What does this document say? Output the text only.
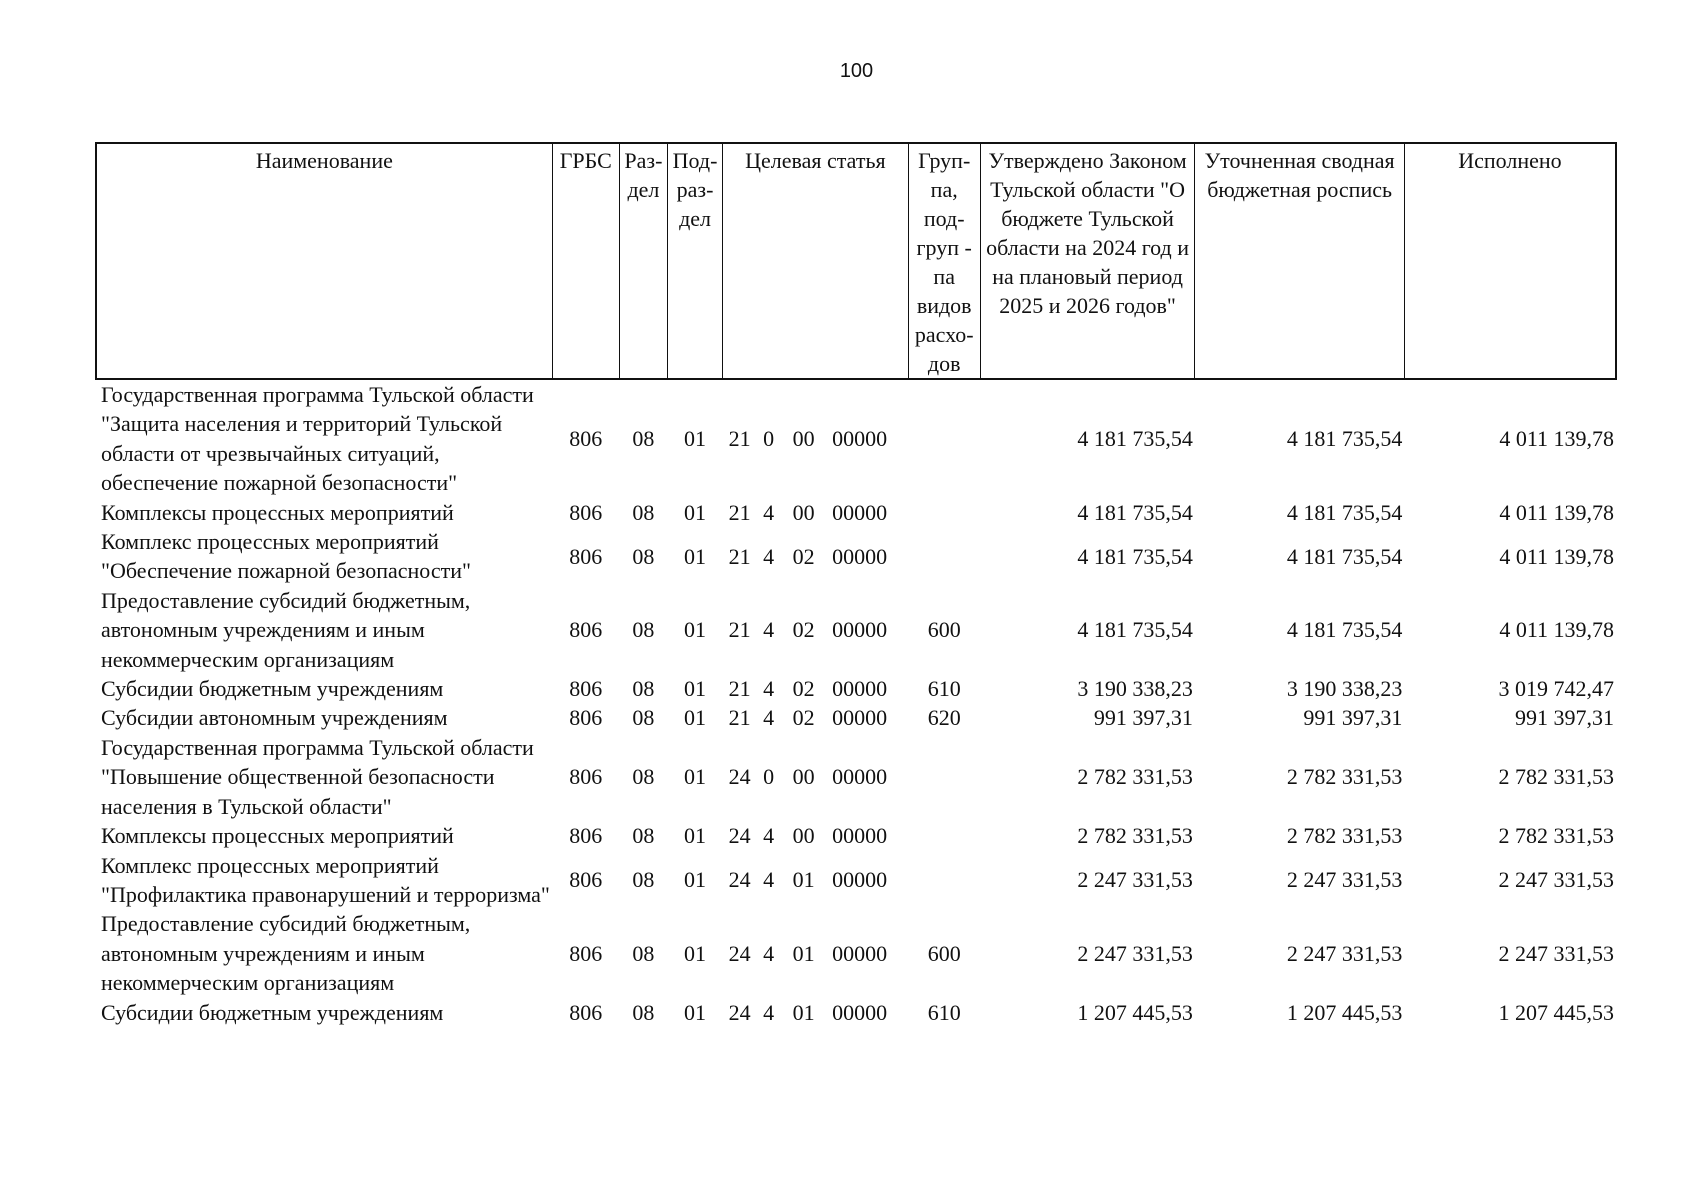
100
Наименование	ГРБС	Раз-дел	Под-раз-дел	Целевая статья	Груп-па, под-груп - па видов расхо-дов	Утверждено Законом Тульской области "О бюджете Тульской области на 2024 год и на плановый период 2025 и 2026 годов"	Уточненная сводная бюджетная роспись	Исполнено
Государственная программа Тульской области "Защита населения и территорий Тульской области от чрезвычайных ситуаций, обеспечение пожарной безопасности"	806	08	01	21 0 00 00000		4 181 735,54	4 181 735,54	4 011 139,78
Комплексы процессных мероприятий	806	08	01	21 4 00 00000		4 181 735,54	4 181 735,54	4 011 139,78
Комплекс процессных мероприятий "Обеспечение пожарной безопасности"	806	08	01	21 4 02 00000		4 181 735,54	4 181 735,54	4 011 139,78
Предоставление субсидий бюджетным, автономным учреждениям и иным некоммерческим организациям	806	08	01	21 4 02 00000	600	4 181 735,54	4 181 735,54	4 011 139,78
Субсидии бюджетным учреждениям	806	08	01	21 4 02 00000	610	3 190 338,23	3 190 338,23	3 019 742,47
Субсидии автономным учреждениям	806	08	01	21 4 02 00000	620	991 397,31	991 397,31	991 397,31
Государственная программа Тульской области "Повышение общественной безопасности населения в Тульской области"	806	08	01	24 0 00 00000		2 782 331,53	2 782 331,53	2 782 331,53
Комплексы процессных мероприятий	806	08	01	24 4 00 00000		2 782 331,53	2 782 331,53	2 782 331,53
Комплекс процессных мероприятий "Профилактика правонарушений и терроризма"	806	08	01	24 4 01 00000		2 247 331,53	2 247 331,53	2 247 331,53
Предоставление субсидий бюджетным, автономным учреждениям и иным некоммерческим организациям	806	08	01	24 4 01 00000	600	2 247 331,53	2 247 331,53	2 247 331,53
Субсидии бюджетным учреждениям	806	08	01	24 4 01 00000	610	1 207 445,53	1 207 445,53	1 207 445,53
